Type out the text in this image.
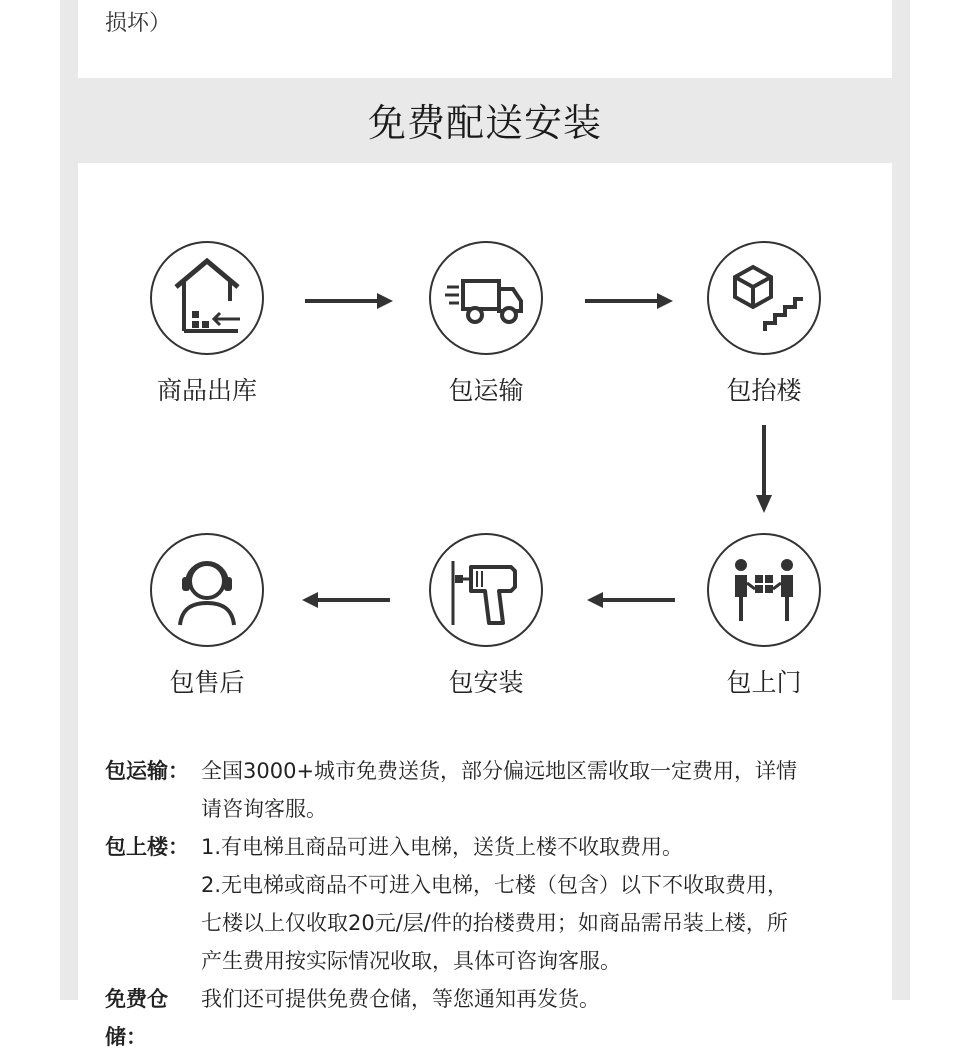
损坏）
免费配送安装
商品出库	包运输	包抬楼
包上门
包安装
包售后
包运输： 全国3000+城市免费送货，部分偏远地区需收取一定费用，详情

请咨询客服。

包上楼： 1.有电梯且商品可进入电梯，送货上楼不收取费用。

2.无电梯或商品不可进入电梯，七楼（包含）以下不收取费用，

七楼以上仅收取20元/层/件的抬楼费用；如商品需吊装上楼，所

产生费用按实际情况收取，具体可咨询客服。

免费仓储：

我们还可提供免费仓储，等您通知再发货。
